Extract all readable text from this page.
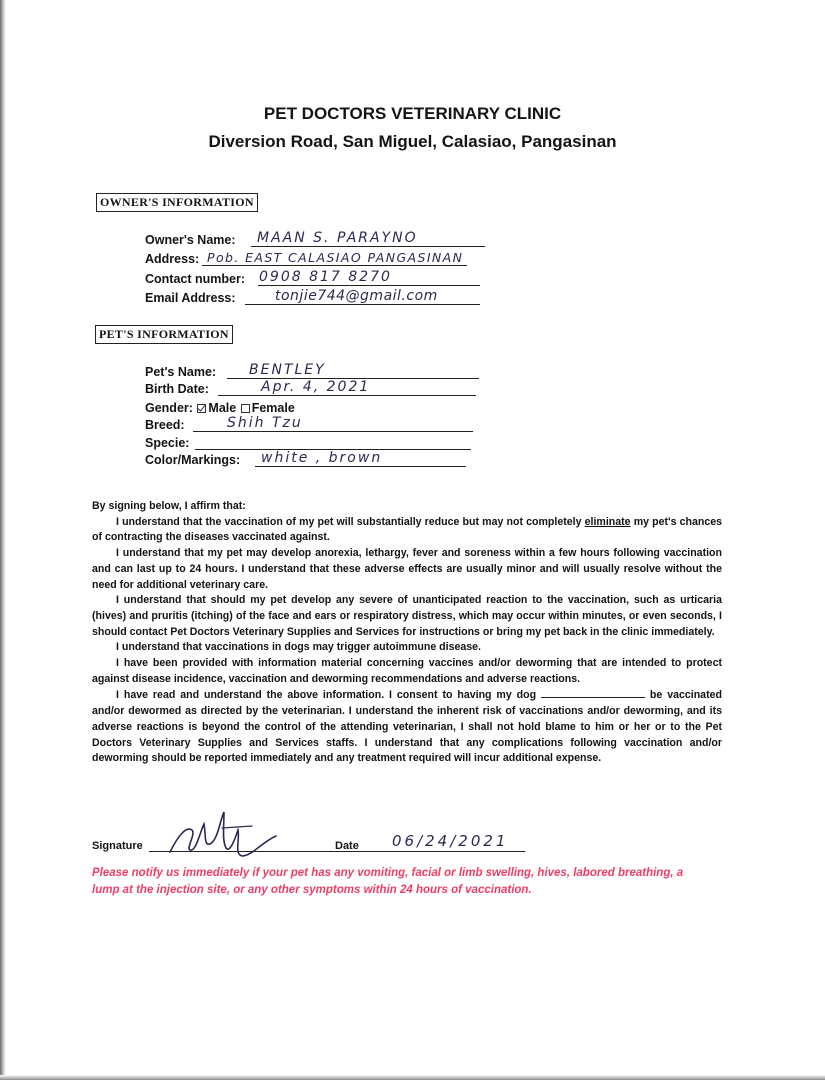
PET DOCTORS VETERINARY CLINIC
Diversion Road, San Miguel, Calasiao, Pangasinan
OWNER'S INFORMATION
Owner's Name: MAAN S. PARAYNO
Address: Pob. EAST CALASIAO PANGASINAN
Contact number: 0908 817 8270
Email Address:	tonjie744@gmail.com
PET'S INFORMATION
Pet's Name: BENTLEY
Birth Date:	Apr. 4, 2021
Gender: Male Female
Breed:	Shih Tzu
Specie:
Color/Markings: white , brown

By signing below, I affirm that:

I understand that the vaccination of my pet will substantially reduce but may not completely eliminate my pet's chances of contracting the diseases vaccinated against.

I understand that my pet may develop anorexia, lethargy, fever and soreness within a few hours following vaccination and can last up to 24 hours. I understand that these adverse effects are usually minor and will usually resolve without the need for additional veterinary care.

I understand that should my pet develop any severe of unanticipated reaction to the vaccination, such as urticaria (hives) and pruritis (itching) of the face and ears or respiratory distress, which may occur within minutes, or even seconds, I should contact Pet Doctors Veterinary Supplies and Services for instructions or bring my pet back in the clinic immediately.

I understand that vaccinations in dogs may trigger autoimmune disease.

I have been provided with information material concerning vaccines and/or deworming that are intended to protect against disease incidence, vaccination and deworming recommendations and adverse reactions.

I have read and understand the above information. I consent to having my dog	be vaccinated and/or dewormed as directed by the veterinarian. I understand the inherent risk of vaccinations and/or deworming, and its adverse reactions is beyond the control of the attending veterinarian, I shall not hold blame to him or her or to the Pet Doctors Veterinary Supplies and Services staffs. I understand that any complications following vaccination and/or deworming should be reported immediately and any treatment required will incur additional expense.

Signature	Date 06/24/2021
Please notify us immediately if your pet has any vomiting, facial or limb swelling, hives, labored breathing, a lump at the injection site, or any other symptoms within 24 hours of vaccination.
